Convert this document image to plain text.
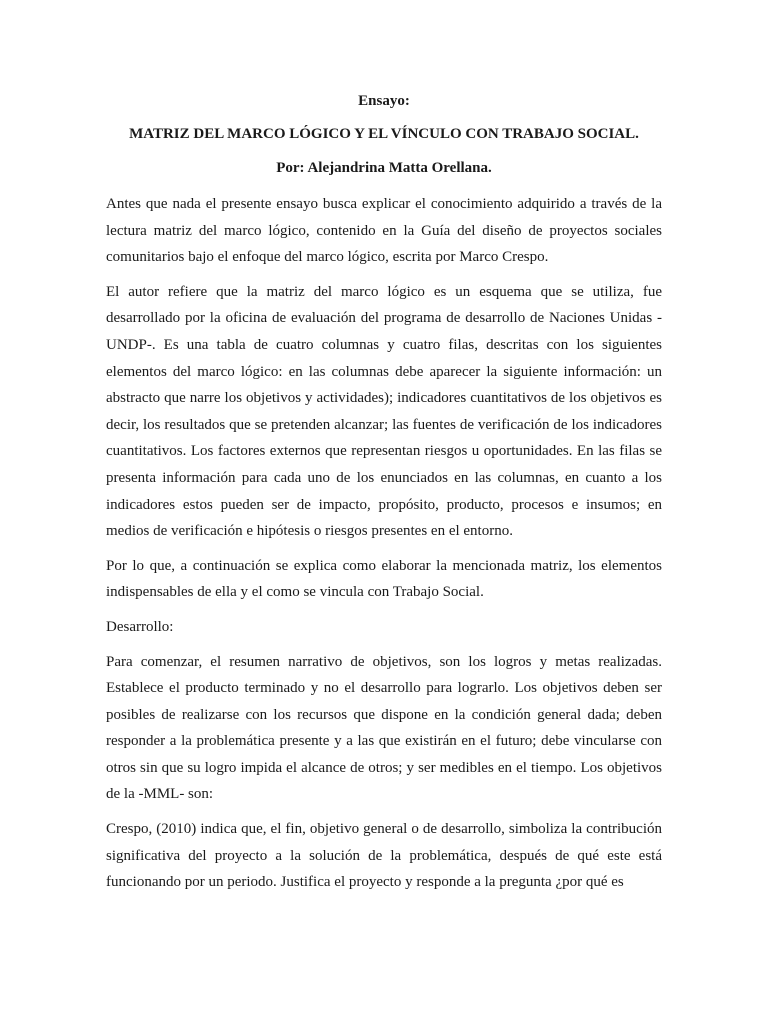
Ensayo:

MATRIZ DEL MARCO LÓGICO Y EL VÍNCULO CON TRABAJO SOCIAL.

Por: Alejandrina Matta Orellana.

Antes que nada el presente ensayo busca explicar el conocimiento adquirido a través de la lectura matriz del marco lógico, contenido en la Guía del diseño de proyectos sociales comunitarios bajo el enfoque del marco lógico, escrita por Marco Crespo.

El autor refiere que la matriz del marco lógico es un esquema que se utiliza, fue desarrollado por la oficina de evaluación del programa de desarrollo de Naciones Unidas -UNDP-. Es una tabla de cuatro columnas y cuatro filas, descritas con los siguientes elementos del marco lógico: en las columnas debe aparecer la siguiente información: un abstracto que narre los objetivos y actividades); indicadores cuantitativos de los objetivos es decir, los resultados que se pretenden alcanzar; las fuentes de verificación de los indicadores cuantitativos. Los factores externos que representan riesgos u oportunidades. En las filas se presenta información para cada uno de los enunciados en las columnas, en cuanto a los indicadores estos pueden ser de impacto, propósito, producto, procesos e insumos; en medios de verificación e hipótesis o riesgos presentes en el entorno.

Por lo que, a continuación se explica como elaborar la mencionada matriz, los elementos indispensables de ella y el como se vincula con Trabajo Social.

Desarrollo:

Para comenzar, el resumen narrativo de objetivos, son los logros y metas realizadas. Establece el producto terminado y no el desarrollo para lograrlo. Los objetivos deben ser posibles de realizarse con los recursos que dispone en la condición general dada; deben responder a la problemática presente y a las que existirán en el futuro; debe vincularse con otros sin que su logro impida el alcance de otros; y ser medibles en el tiempo. Los objetivos de la -MML- son:

Crespo, (2010) indica que, el fin, objetivo general o de desarrollo, simboliza la contribución significativa del proyecto a la solución de la problemática, después de qué este está funcionando por un periodo. Justifica el proyecto y responde a la pregunta ¿por qué es
